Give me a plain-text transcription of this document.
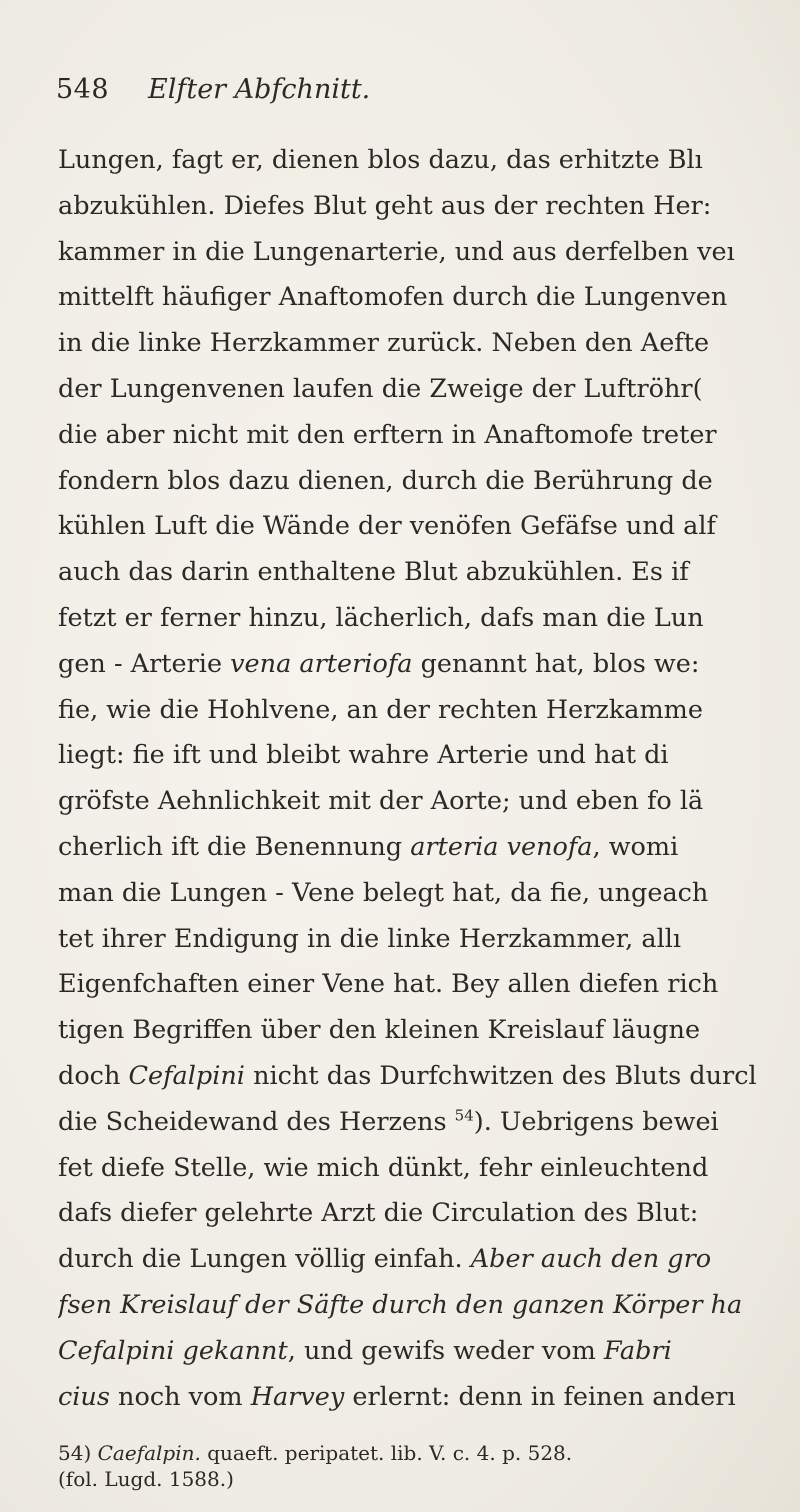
548 Elfter Abfchnitt.
Lungen, fagt er, dienen blos dazu, das erhitzte Blı
abzukühlen. Diefes Blut geht aus der rechten Her:
kammer in die Lungenarterie, und aus derfelben veı
mittelft häufiger Anaftomofen durch die Lungenven
in die linke Herzkammer zurück. Neben den Aefte
der Lungenvenen laufen die Zweige der Luftröhr(
die aber nicht mit den erftern in Anaftomofe treter
fondern blos dazu dienen, durch die Berührung de
kühlen Luft die Wände der venöfen Gefäfse und alf
auch das darin enthaltene Blut abzukühlen. Es if
fetzt er ferner hinzu, lächerlich, dafs man die Lun
gen - Arterie vena arteriofa genannt hat, blos we:
fie, wie die Hohlvene, an der rechten Herzkamme
liegt: fie ift und bleibt wahre Arterie und hat di
gröfste Aehnlichkeit mit der Aorte; und eben fo lä
cherlich ift die Benennung arteria venofa, womi
man die Lungen - Vene belegt hat, da fie, ungeach
tet ihrer Endigung in die linke Herzkammer, allı
Eigenfchaften einer Vene hat. Bey allen diefen rich
tigen Begriffen über den kleinen Kreislauf läugne
doch Cefalpini nicht das Durfchwitzen des Bluts durcl
die Scheidewand des Herzens $^{54}$). Uebrigens bewei
fet diefe Stelle, wie mich dünkt, fehr einleuchtend
dafs diefer gelehrte Arzt die Circulation des Blut:
durch die Lungen völlig einfah. Aber auch den gro
fsen Kreislauf der Säfte durch den ganzen Körper ha
Cefalpini gekannt, und gewifs weder vom Fabri
cius noch vom Harvey erlernt: denn in feinen anderı
54) Caefalpin. quaeft. peripatet. lib. V. c. 4. p. 528.
(fol. Lugd. 1588.)
